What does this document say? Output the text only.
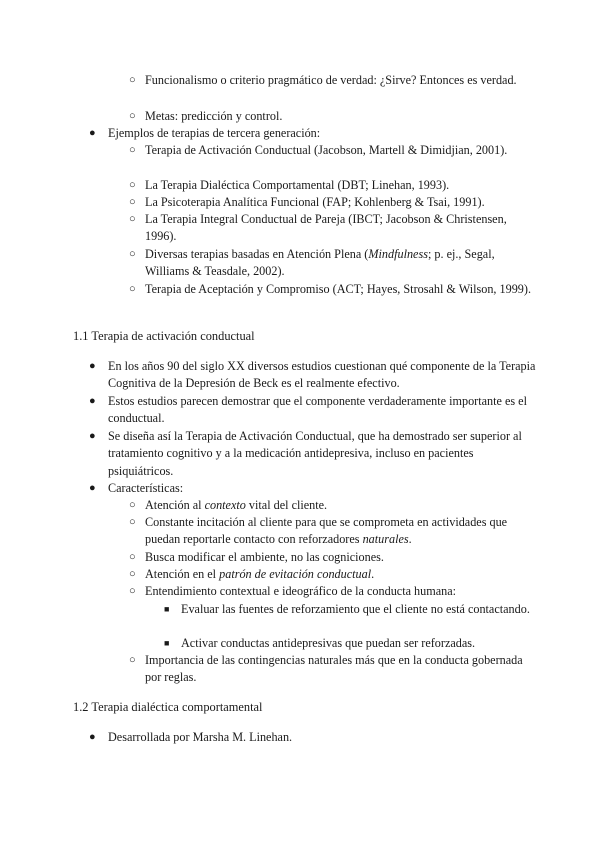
○ Funcionalismo o criterio pragmático de verdad: ¿Sirve? Entonces es verdad.
○ Metas: predicción y control.
● Ejemplos de terapias de tercera generación:
○ Terapia de Activación Conductual (Jacobson, Martell & Dimidjian, 2001).
○ La Terapia Dialéctica Comportamental (DBT; Linehan, 1993).
○ La Psicoterapia Analítica Funcional (FAP; Kohlenberg & Tsai, 1991).
○ La Terapia Integral Conductual de Pareja (IBCT; Jacobson & Christensen, 1996).
○ Diversas terapias basadas en Atención Plena (Mindfulness; p. ej., Segal, Williams & Teasdale, 2002).
○ Terapia de Aceptación y Compromiso (ACT; Hayes, Strosahl & Wilson, 1999).
1.1 Terapia de activación conductual
● En los años 90 del siglo XX diversos estudios cuestionan qué componente de la Terapia Cognitiva de la Depresión de Beck es el realmente efectivo.
● Estos estudios parecen demostrar que el componente verdaderamente importante es el conductual.
● Se diseña así la Terapia de Activación Conductual, que ha demostrado ser superior al tratamiento cognitivo y a la medicación antidepresiva, incluso en pacientes psiquiátricos.
● Características:
○ Atención al contexto vital del cliente.
○ Constante incitación al cliente para que se comprometa en actividades que puedan reportarle contacto con reforzadores naturales.
○ Busca modificar el ambiente, no las cogniciones.
○ Atención en el patrón de evitación conductual.
○ Entendimiento contextual e ideográfico de la conducta humana:
■ Evaluar las fuentes de reforzamiento que el cliente no está contactando.
■ Activar conductas antidepresivas que puedan ser reforzadas.
○ Importancia de las contingencias naturales más que en la conducta gobernada por reglas.
1.2 Terapia dialéctica comportamental
● Desarrollada por Marsha M. Linehan.
